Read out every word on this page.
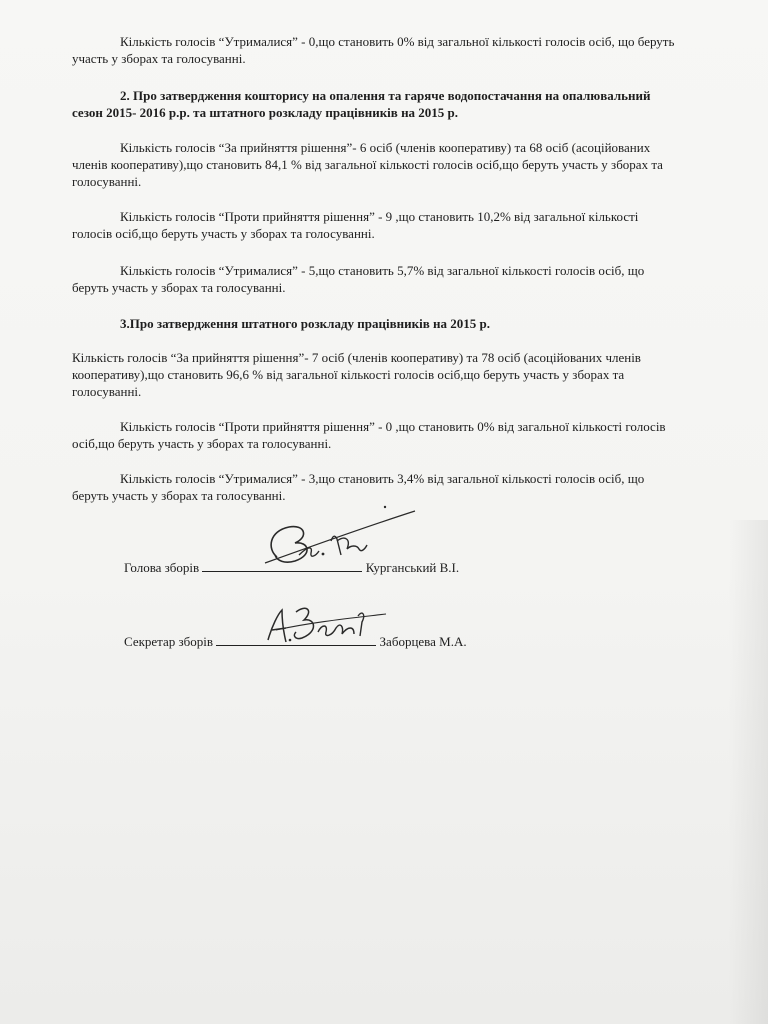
Кількість голосів “Утрималися” - 0,що становить 0% від загальної кількості голосів осіб, що беруть
участь у зборах та голосуванні.

2. Про затвердження кошторису на опалення та гаряче водопостачання на опалювальний
сезон 2015- 2016 р.р. та штатного розкладу працівників на 2015 р.

Кількість голосів “За прийняття рішення”- 6 осіб (членів кооперативу) та 68 осіб (асоційованих
членів кооперативу),що становить 84,1 % від загальної кількості голосів осіб,що беруть участь у зборах та
голосуванні.

Кількість голосів “Проти прийняття рішення” - 9 ,що становить 10,2% від загальної кількості
голосів осіб,що беруть участь у зборах та голосуванні.

Кількість голосів “Утрималися” - 5,що становить 5,7% від загальної кількості голосів осіб, що
беруть участь у зборах та голосуванні.

3.Про затвердження штатного розкладу працівників на 2015 р.

Кількість голосів “За прийняття рішення”- 7 осіб (членів кооперативу) та 78 осіб (асоційованих членів
кооперативу),що становить 96,6 % від загальної кількості голосів осіб,що беруть участь у зборах та
голосуванні.

Кількість голосів “Проти прийняття рішення” - 0 ,що становить 0% від загальної кількості голосів
осіб,що беруть участь у зборах та голосуванні.

Кількість голосів “Утрималися” - 3,що становить 3,4% від загальної кількості голосів осіб, що
беруть участь у зборах та голосуванні.

Голова зборів	Курганський В.І.
Секретар зборів	Заборцева М.А.
